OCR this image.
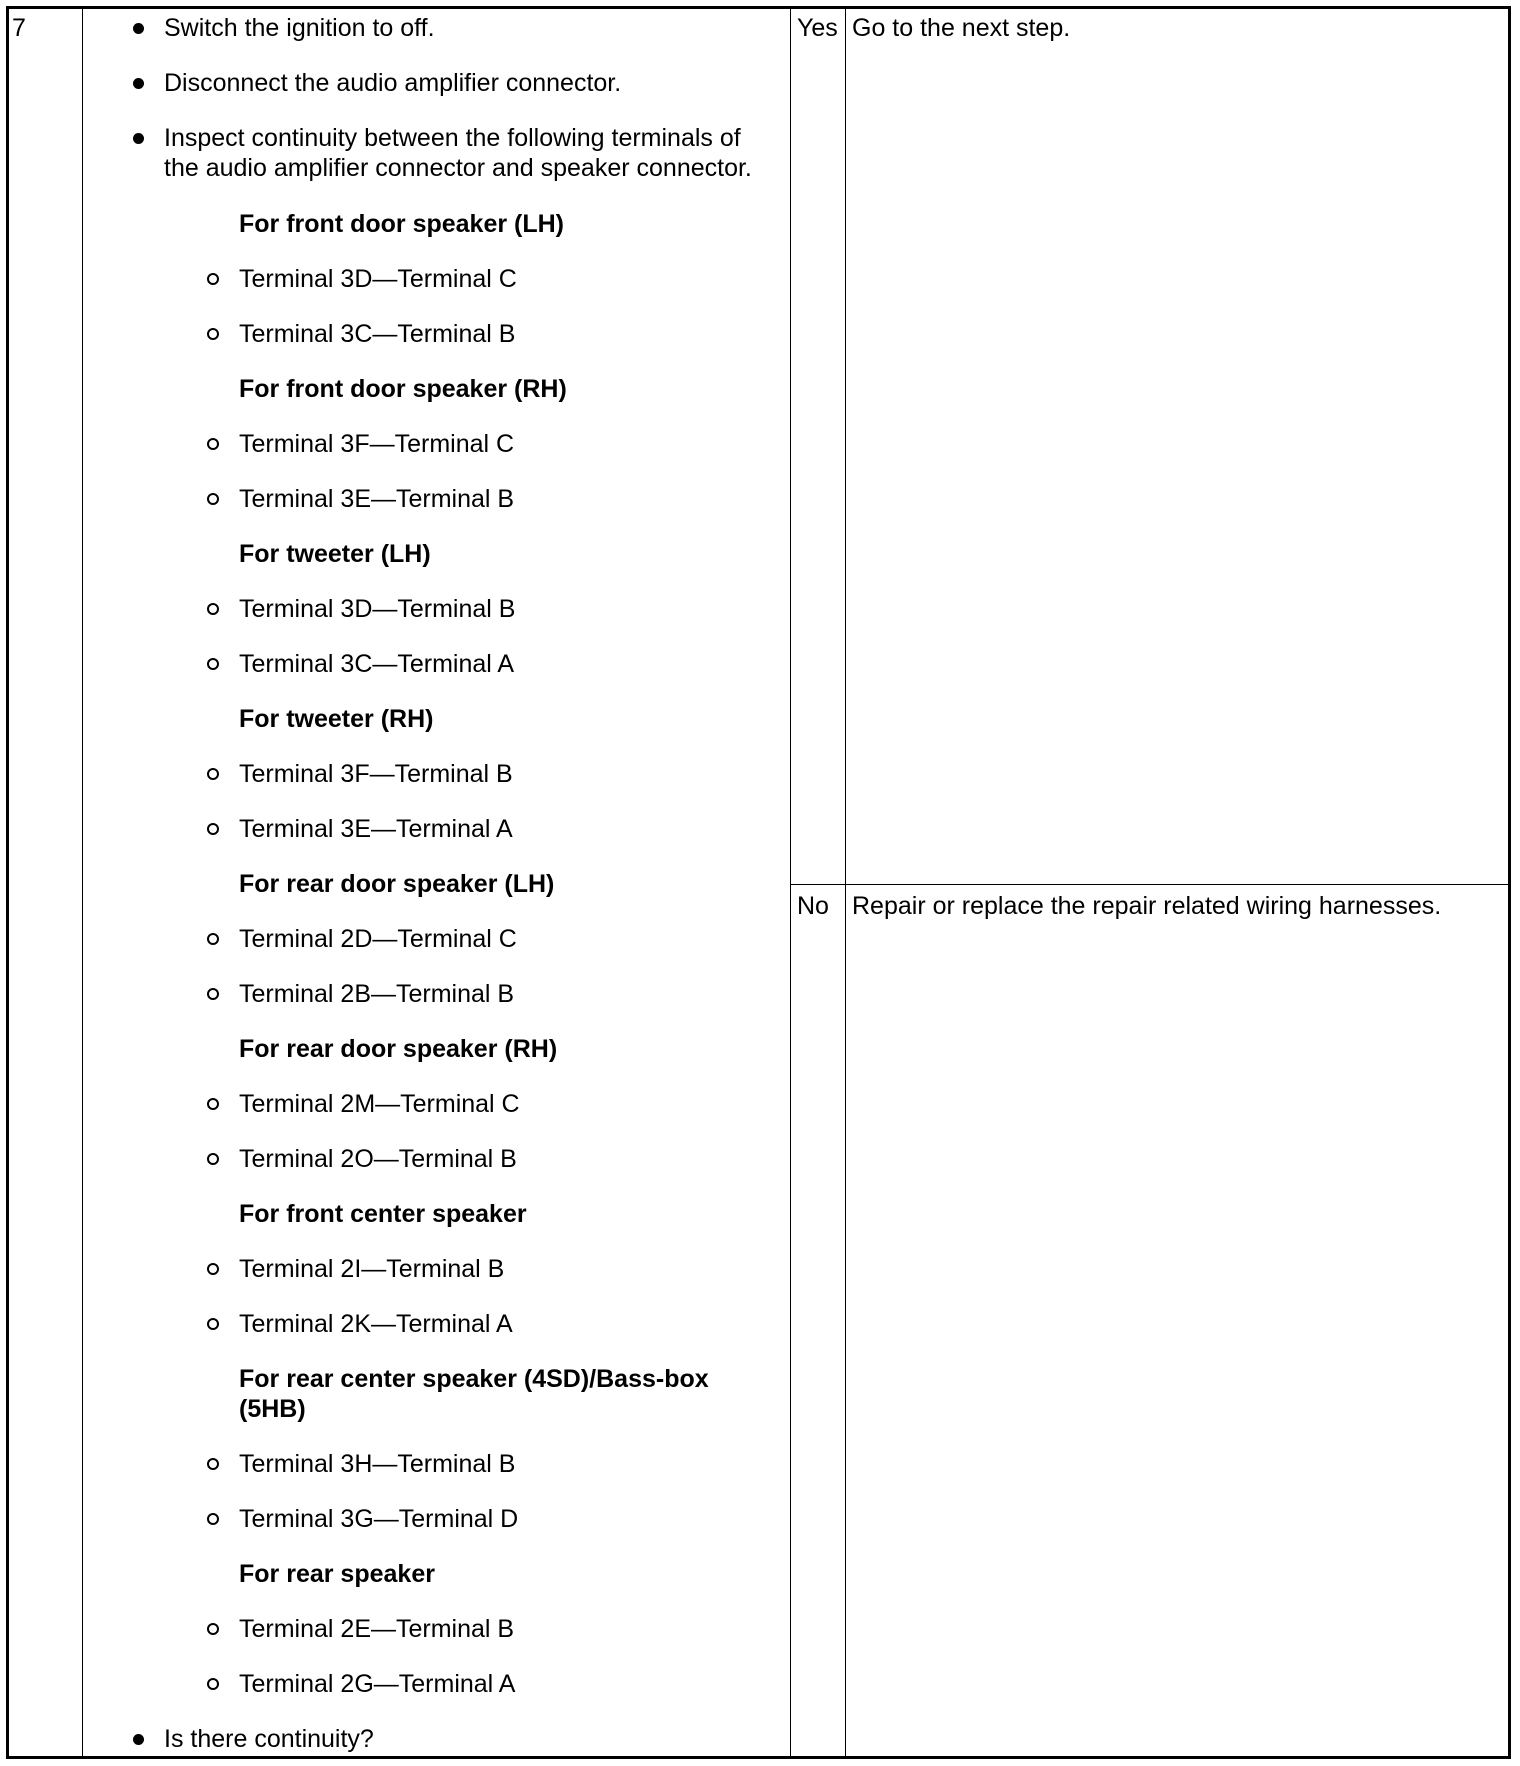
7	Switch the ignition to off.
Disconnect the audio amplifier connector.
Inspect continuity between the following terminals of
the audio amplifier connector and speaker connector.
For front door speaker (LH)
Terminal 3D—Terminal C
Terminal 3C—Terminal B
For front door speaker (RH)
Terminal 3F—Terminal C
Terminal 3E—Terminal B
For tweeter (LH)
Terminal 3D—Terminal B
Terminal 3C—Terminal A
For tweeter (RH)
Terminal 3F—Terminal B
Terminal 3E—Terminal A
For rear door speaker (LH)
Terminal 2D—Terminal C
Terminal 2B—Terminal B
For rear door speaker (RH)
Terminal 2M—Terminal C
Terminal 2O—Terminal B
For front center speaker
Terminal 2I—Terminal B
Terminal 2K—Terminal A
For rear center speaker (4SD)/Bass-box
(5HB)
Terminal 3H—Terminal B
Terminal 3G—Terminal D
For rear speaker
Terminal 2E—Terminal B
Terminal 2G—Terminal A
Is there continuity?
Yes Go to the next step.
No Repair or replace the repair related wiring harnesses.
